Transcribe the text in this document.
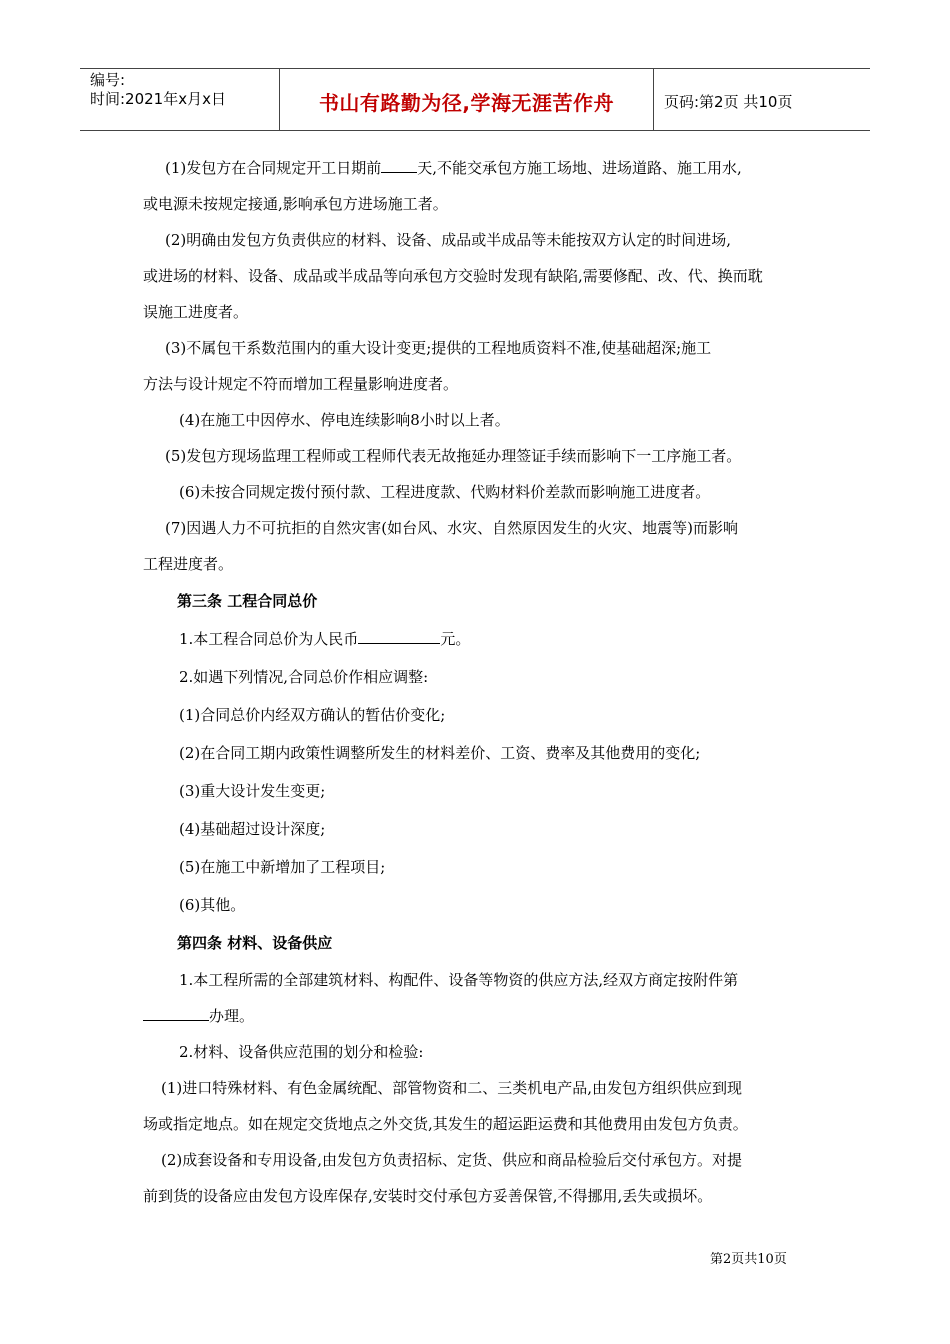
编号:
时间:2021年x月x日	书山有路勤为径,学海无涯苦作舟	页码:第2页 共10页

(1)发包方在合同规定开工日期前 天,不能交承包方施工场地、进场道路、施工用水,

或电源未按规定接通,影响承包方进场施工者。

(2)明确由发包方负责供应的材料、设备、成品或半成品等未能按双方认定的时间进场,

或进场的材料、设备、成品或半成品等向承包方交验时发现有缺陷,需要修配、改、代、换而耽

误施工进度者。

(3)不属包干系数范围内的重大设计变更;提供的工程地质资料不准,使基础超深;施工

方法与设计规定不符而增加工程量影响进度者。

(4)在施工中因停水、停电连续影响8小时以上者。

(5)发包方现场监理工程师或工程师代表无故拖延办理签证手续而影响下一工序施工者。

(6)未按合同规定拨付预付款、工程进度款、代购材料价差款而影响施工进度者。

(7)因遇人力不可抗拒的自然灾害(如台风、水灾、自然原因发生的火灾、地震等)而影响

工程进度者。

第三条 工程合同总价

1.本工程合同总价为人民币	元。

2.如遇下列情况,合同总价作相应调整:

(1)合同总价内经双方确认的暂估价变化;

(2)在合同工期内政策性调整所发生的材料差价、工资、费率及其他费用的变化;

(3)重大设计发生变更;

(4)基础超过设计深度;

(5)在施工中新增加了工程项目;

(6)其他。

第四条 材料、设备供应

1.本工程所需的全部建筑材料、构配件、设备等物资的供应方法,经双方商定按附件第

办理。

2.材料、设备供应范围的划分和检验:

(1)进口特殊材料、有色金属统配、部管物资和二、三类机电产品,由发包方组织供应到现

场或指定地点。如在规定交货地点之外交货,其发生的超运距运费和其他费用由发包方负责。

(2)成套设备和专用设备,由发包方负责招标、定货、供应和商品检验后交付承包方。对提

前到货的设备应由发包方设库保存,安装时交付承包方妥善保管,不得挪用,丢失或损坏。

第2页共10页
